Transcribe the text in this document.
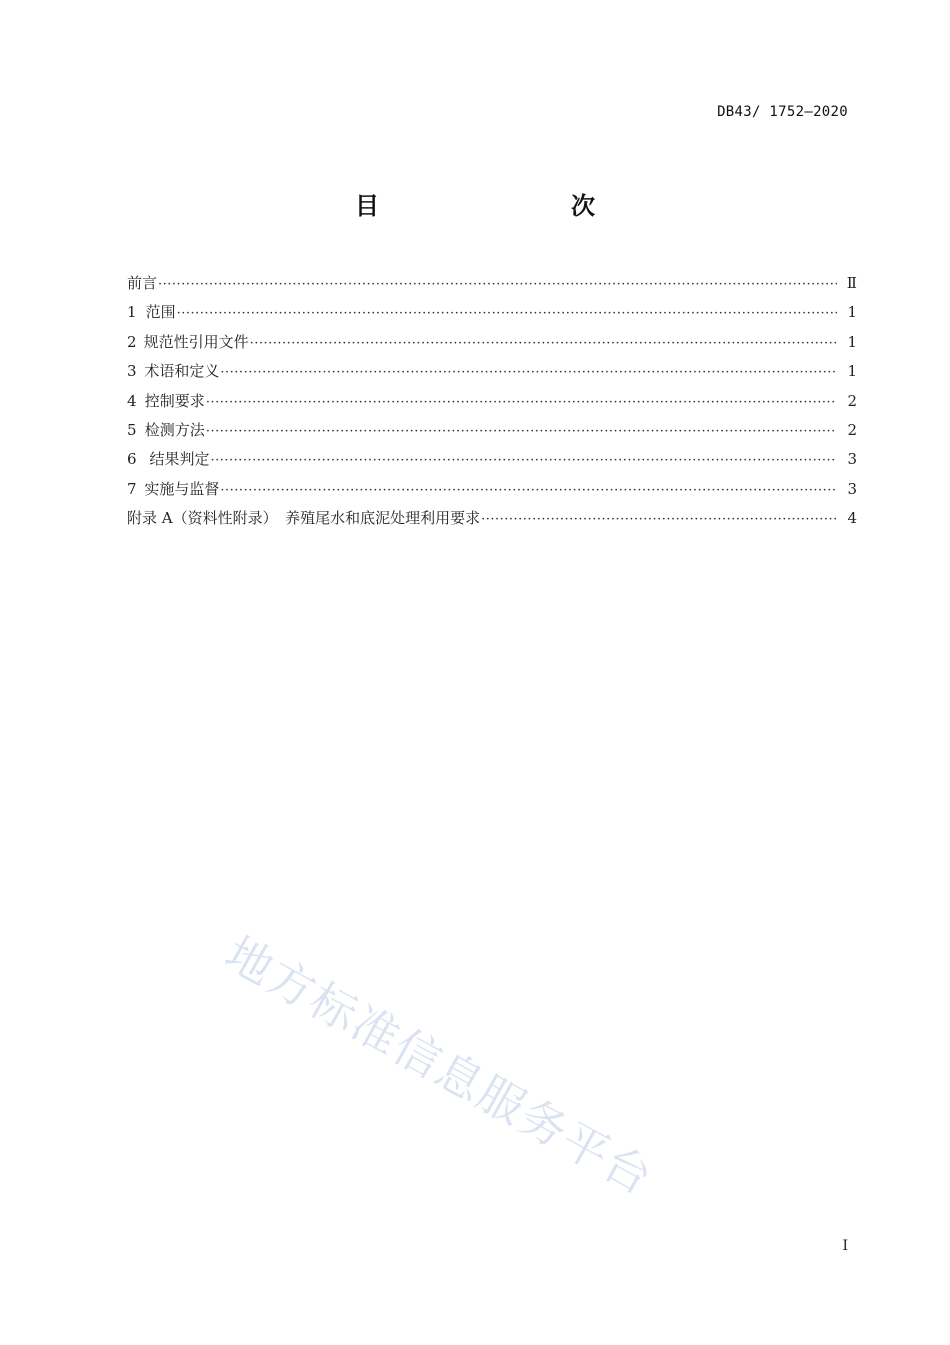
DB43/ 1752—2020
目　　次
前言 ·····	Ⅱ
1 范围 ·····	1
2 规范性引用文件 ·····	1
3 术语和定义 ·····	1
4 控制要求 ·····	2
5 检测方法 ·····	2
6 结果判定 ·····	3
7 实施与监督 ·····	3
附录 A（资料性附录）　养殖尾水和底泥处理利用要求 ·····	4
地方标准信息服务平台
I
